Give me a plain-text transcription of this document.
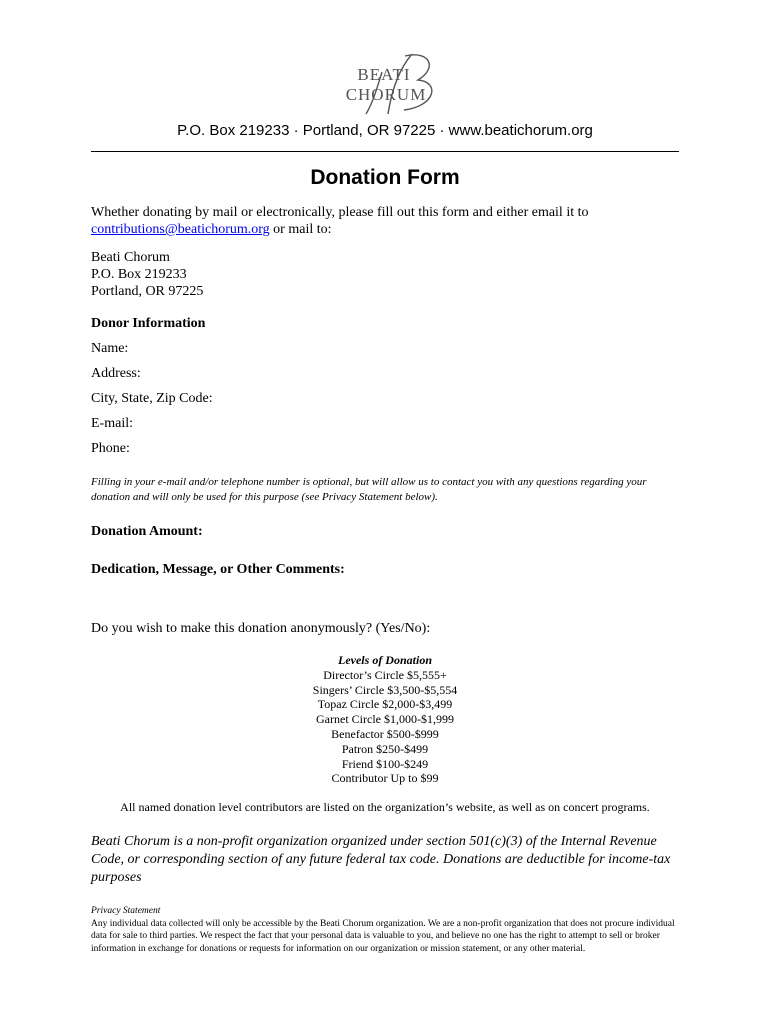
BEATI
CHORUM
P.O. Box 219233 · Portland, OR 97225 · www.beatichorum.org
Donation Form
Whether donating by mail or electronically, please fill out this form and either email it to
contributions@beatichorum.org or mail to:
Beati Chorum
P.O. Box 219233
Portland, OR 97225
Donor Information
Name:
Address:
City, State, Zip Code:
E-mail:
Phone:
Filling in your e-mail and/or telephone number is optional, but will allow us to contact you with any questions regarding your donation and will only be used for this purpose (see Privacy Statement below).
Donation Amount:
Dedication, Message, or Other Comments:
Do you wish to make this donation anonymously? (Yes/No):
Levels of Donation
Director’s Circle $5,555+
Singers’ Circle $3,500-$5,554
Topaz Circle $2,000-$3,499
Garnet Circle $1,000-$1,999
Benefactor $500-$999
Patron $250-$499
Friend $100-$249
Contributor Up to $99
All named donation level contributors are listed on the organization’s website, as well as on concert programs.
Beati Chorum is a non-profit organization organized under section 501(c)(3) of the Internal Revenue Code, or corresponding section of any future federal tax code. Donations are deductible for income-tax purposes
Privacy Statement
Any individual data collected will only be accessible by the Beati Chorum organization. We are a non-profit organization that does not procure individual data for sale to third parties. We respect the fact that your personal data is valuable to you, and believe no one has the right to attempt to sell or broker information in exchange for donations or requests for information on our organization or mission statement, or any other material.
